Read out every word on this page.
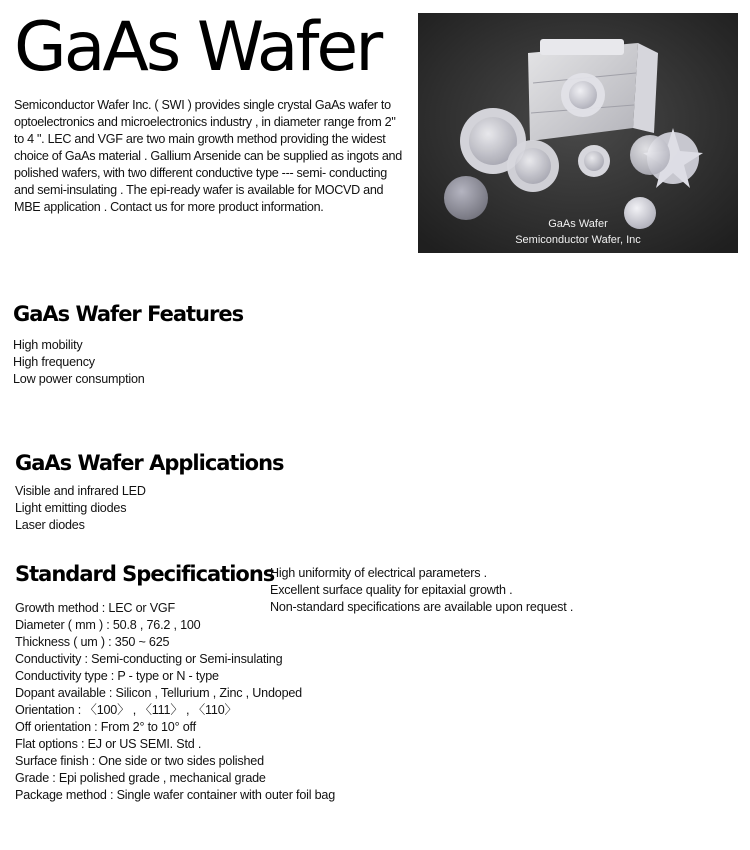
GaAs Wafer

Semiconductor Wafer Inc. ( SWI ) provides single crystal GaAs wafer to optoelectronics and microelectronics industry , in diameter range from 2" to 4 ". LEC and VGF are two main growth method providing the widest choice of GaAs material . Gallium Arsenide can be supplied as ingots and polished wafers, with two different conductive type --- semi- conducting and semi-insulating . The epi-ready wafer is available for MOCVD and MBE application . Contact us for more product information.

GaAs Wafer
Semiconductor Wafer, Inc
GaAs Wafer Features
High mobility
High frequency
Low power consumption
GaAs Wafer Applications
Visible and infrared LED
Light emitting diodes
Laser diodes
Standard Specifications
High uniformity of electrical parameters .
Excellent surface quality for epitaxial growth .
Non-standard specifications are available upon request .
Growth method : LEC or VGF
Diameter ( mm ) : 50.8 , 76.2 , 100
Thickness ( um ) : 350 ~ 625
Conductivity : Semi-conducting or Semi-insulating
Conductivity type : P - type or N - type
Dopant available : Silicon , Tellurium , Zinc , Undoped
Orientation : 〈100〉 , 〈111〉 , 〈110〉
Off orientation : From 2° to 10° off
Flat options : EJ or US SEMI. Std .
Surface finish : One side or two sides polished
Grade : Epi polished grade , mechanical grade
Package method : Single wafer container with outer foil bag
